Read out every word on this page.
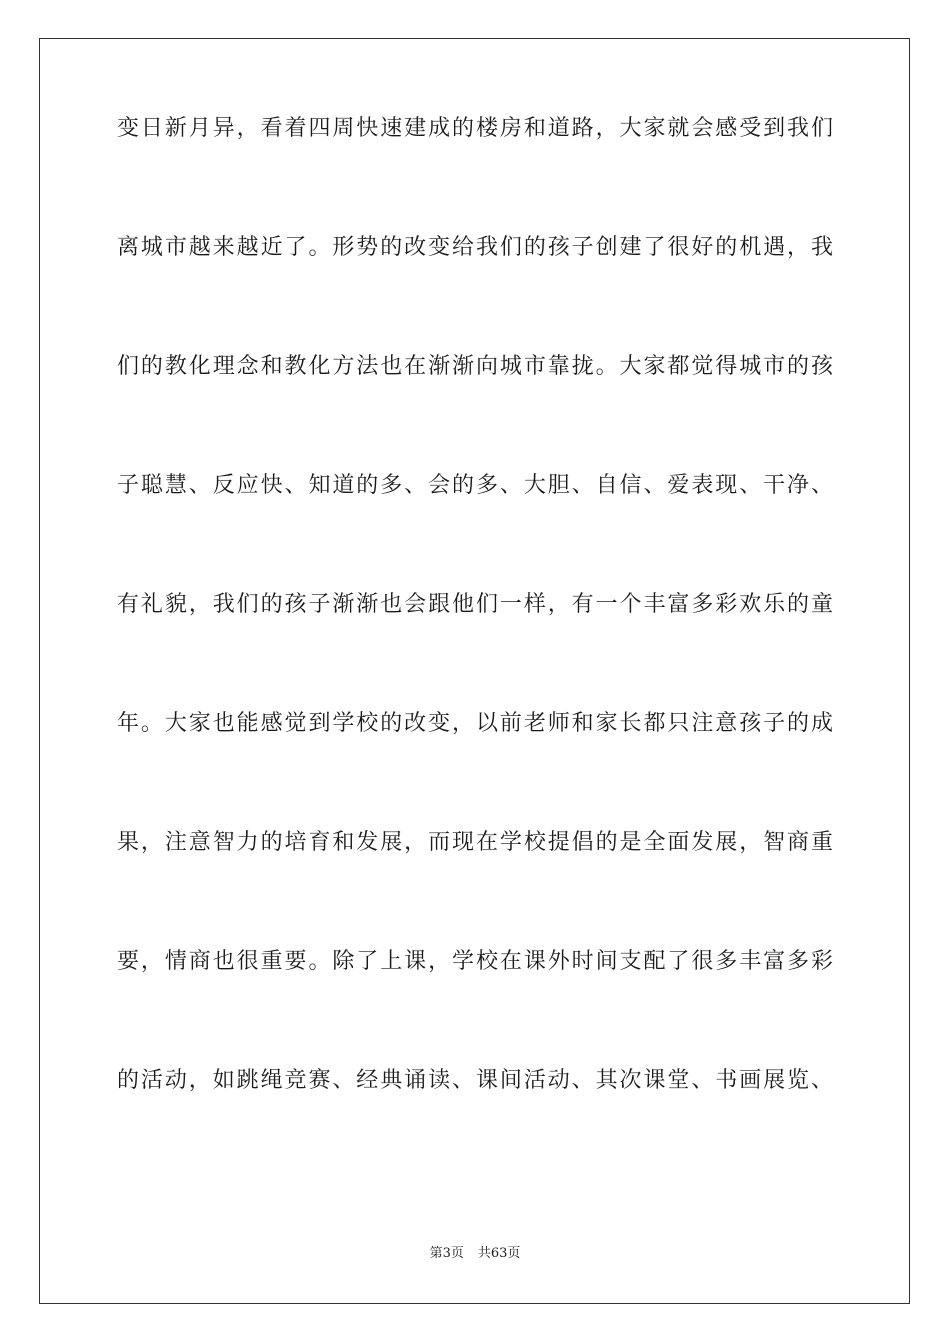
变日新月异，看着四周快速建成的楼房和道路，大家就会感受到我们
离城市越来越近了。形势的改变给我们的孩子创建了很好的机遇，我
们的教化理念和教化方法也在渐渐向城市靠拢。大家都觉得城市的孩
子聪慧、反应快、知道的多、会的多、大胆、自信、爱表现、干净、
有礼貌，我们的孩子渐渐也会跟他们一样，有一个丰富多彩欢乐的童
年。大家也能感觉到学校的改变，以前老师和家长都只注意孩子的成
果，注意智力的培育和发展，而现在学校提倡的是全面发展，智商重
要，情商也很重要。除了上课，学校在课外时间支配了很多丰富多彩
的活动，如跳绳竞赛、经典诵读、课间活动、其次课堂、书画展览、
第3页 共63页
